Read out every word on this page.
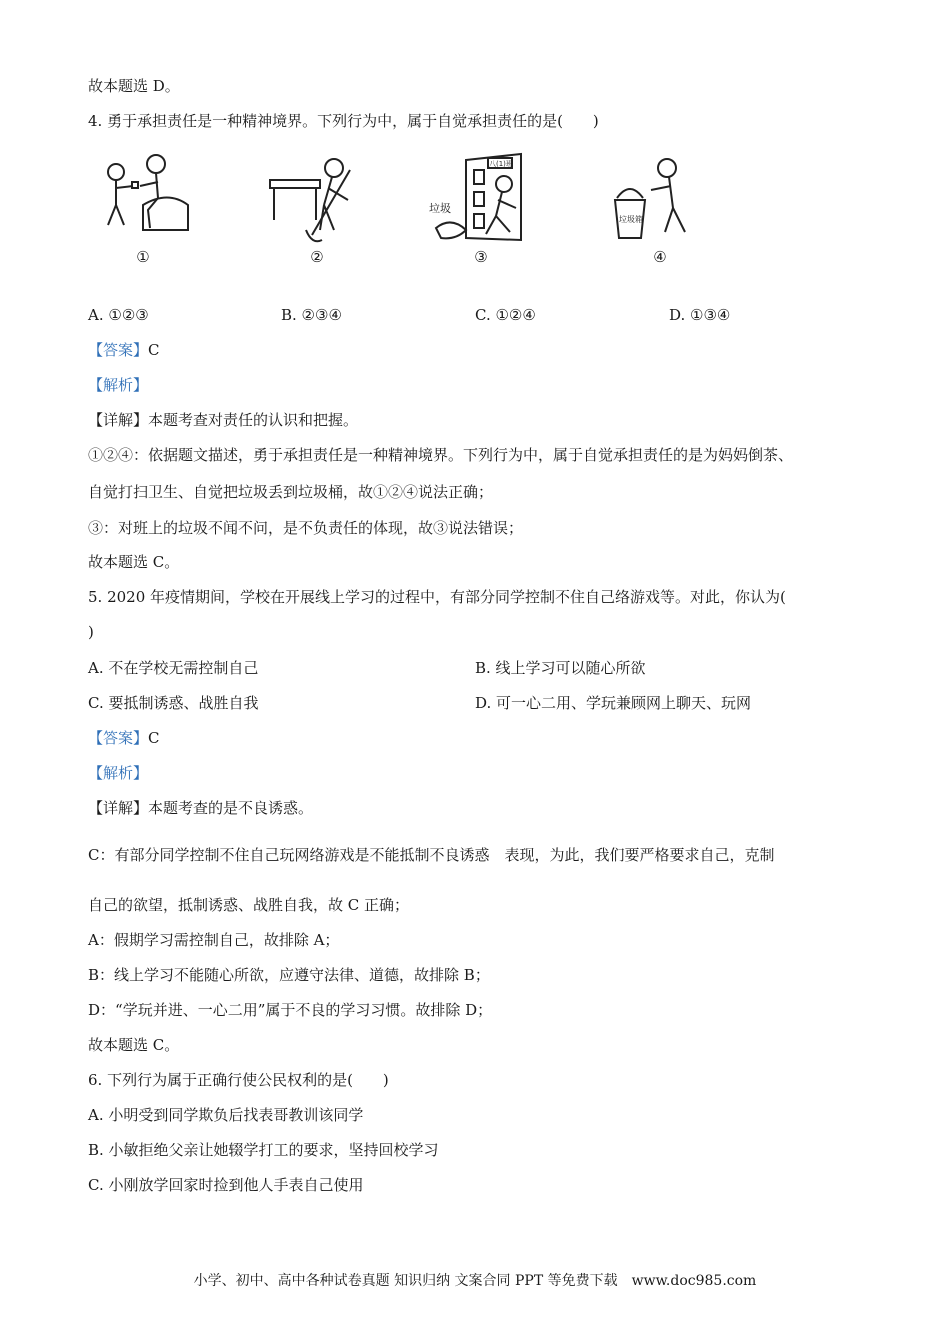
故本题选 D。
4. 勇于承担责任是一种精神境界。下列行为中，属于自觉承担责任的是(　　)
①	②
垃圾
八(1)班
③
垃圾箱
④
A. ①②③	B. ②③④	C. ①②④	D. ①③④
【答案】C
【解析】
【详解】本题考查对责任的认识和把握。
①②④：依据题文描述，勇于承担责任是一种精神境界。下列行为中，属于自觉承担责任的是为妈妈倒茶、
自觉打扫卫生、自觉把垃圾丢到垃圾桶，故①②④说法正确；
③：对班上的垃圾不闻不问，是不负责任的体现，故③说法错误；
故本题选 C。
5. 2020 年疫情期间，学校在开展线上学习的过程中，有部分同学控制不住自己络游戏等。对此，你认为(
)
A. 不在学校无需控制自己	B. 线上学习可以随心所欲
C. 要抵制诱惑、战胜自我	D. 可一心二用、学玩兼顾网上聊天、玩网
【答案】C
【解析】
【详解】本题考查的是不良诱惑。
C：有部分同学控制不住自己玩网络游戏是不能抵制不良诱惑　表现，为此，我们要严格要求自己，克制
自己的欲望，抵制诱惑、战胜自我，故 C 正确；
A：假期学习需控制自己，故排除 A；
B：线上学习不能随心所欲，应遵守法律、道德，故排除 B；
D：“学玩并进、一心二用”属于不良的学习习惯。故排除 D；
故本题选 C。
6. 下列行为属于正确行使公民权利的是(　　)
A. 小明受到同学欺负后找表哥教训该同学
B. 小敏拒绝父亲让她辍学打工的要求，坚持回校学习
C. 小刚放学回家时捡到他人手表自己使用
小学、初中、高中各种试卷真题 知识归纳 文案合同 PPT 等免费下载　www.doc985.com
